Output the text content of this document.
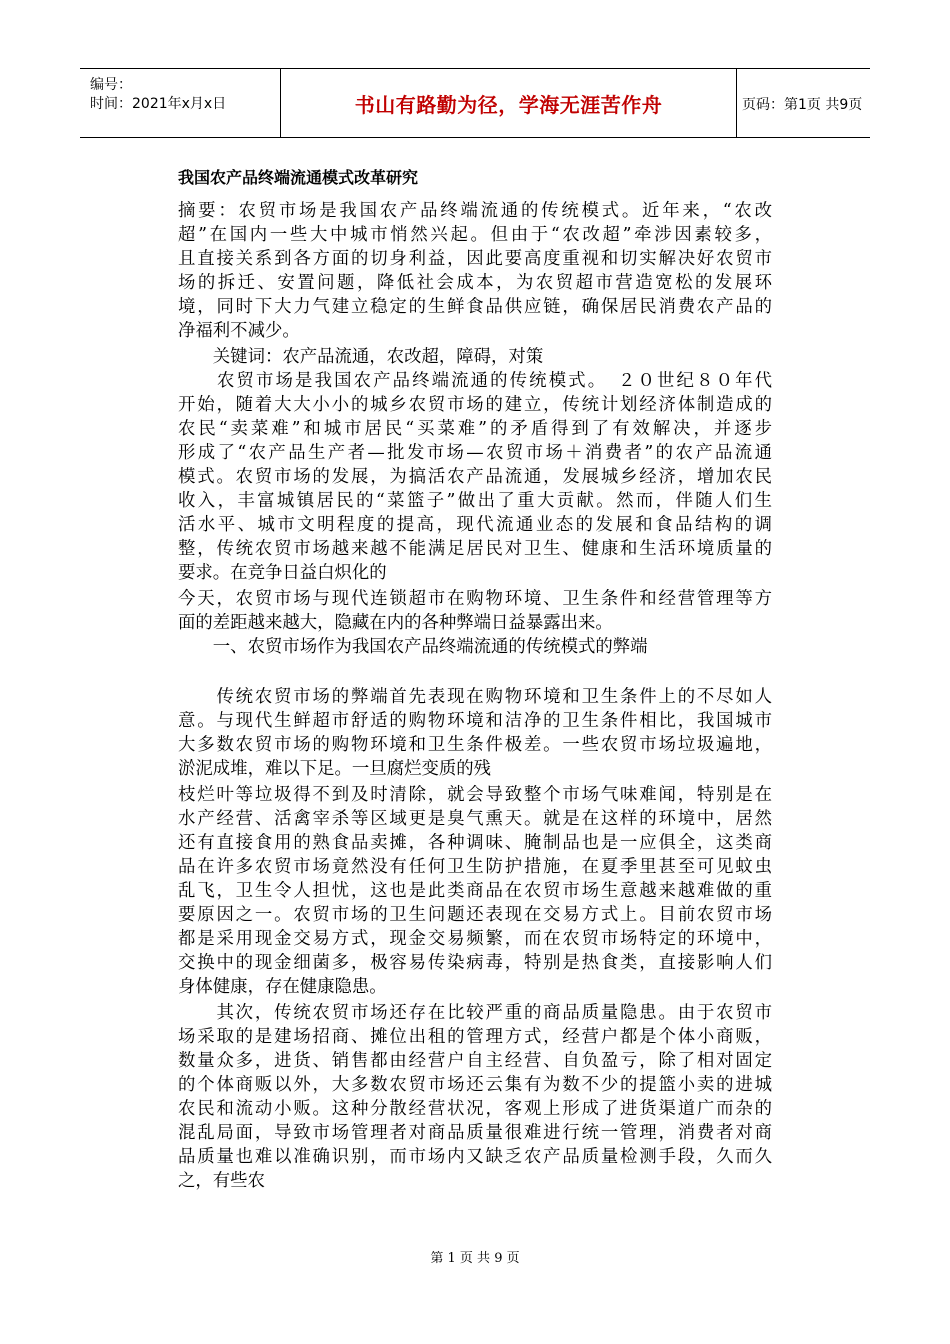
编号：
时间：2021年x月x日	书山有路勤为径，学海无涯苦作舟	页码：第1页 共9页
我国农产品终端流通模式改革研究
摘要：农贸市场是我国农产品终端流通的传统模式。近年来，“农改
超”在国内一些大中城市悄然兴起。但由于“农改超”牵涉因素较多，
且直接关系到各方面的切身利益，因此要高度重视和切实解决好农贸市
场的拆迁、安置问题，降低社会成本，为农贸超市营造宽松的发展环
境，同时下大力气建立稳定的生鲜食品供应链，确保居民消费农产品的
净福利不减少。
　　关键词：农产品流通，农改超，障碍，对策
　　农贸市场是我国农产品终端流通的传统模式。　２０世纪８０年代
开始，随着大大小小的城乡农贸市场的建立，传统计划经济体制造成的
农民“卖菜难”和城市居民“买菜难”的矛盾得到了有效解决，并逐步
形成了“农产品生产者—批发市场—农贸市场＋消费者”的农产品流通
模式。农贸市场的发展，为搞活农产品流通，发展城乡经济，增加农民
收入，丰富城镇居民的“菜篮子”做出了重大贡献。然而，伴随人们生
活水平、城市文明程度的提高，现代流通业态的发展和食品结构的调
整，传统农贸市场越来越不能满足居民对卫生、健康和生活环境质量的
要求。在竞争日益白炽化的
今天，农贸市场与现代连锁超市在购物环境、卫生条件和经营管理等方
面的差距越来越大，隐藏在内的各种弊端日益暴露出来。
　　一、农贸市场作为我国农产品终端流通的传统模式的弊端
　　传统农贸市场的弊端首先表现在购物环境和卫生条件上的不尽如人
意。与现代生鲜超市舒适的购物环境和洁净的卫生条件相比，我国城市
大多数农贸市场的购物环境和卫生条件极差。一些农贸市场垃圾遍地，
淤泥成堆，难以下足。一旦腐烂变质的残
枝烂叶等垃圾得不到及时清除，就会导致整个市场气味难闻，特别是在
水产经营、活禽宰杀等区域更是臭气熏天。就是在这样的环境中，居然
还有直接食用的熟食品卖摊，各种调味、腌制品也是一应俱全，这类商
品在许多农贸市场竟然没有任何卫生防护措施，在夏季里甚至可见蚊虫
乱飞，卫生令人担忧，这也是此类商品在农贸市场生意越来越难做的重
要原因之一。农贸市场的卫生问题还表现在交易方式上。目前农贸市场
都是采用现金交易方式，现金交易频繁，而在农贸市场特定的环境中，
交换中的现金细菌多，极容易传染病毒，特别是热食类，直接影响人们
身体健康，存在健康隐患。
　　其次，传统农贸市场还存在比较严重的商品质量隐患。由于农贸市
场采取的是建场招商、摊位出租的管理方式，经营户都是个体小商贩，
数量众多，进货、销售都由经营户自主经营、自负盈亏，除了相对固定
的个体商贩以外，大多数农贸市场还云集有为数不少的提篮小卖的进城
农民和流动小贩。这种分散经营状况，客观上形成了进货渠道广而杂的
混乱局面，导致市场管理者对商品质量很难进行统一管理，消费者对商
品质量也难以准确识别，而市场内又缺乏农产品质量检测手段，久而久
之，有些农
第 1 页 共 9 页
